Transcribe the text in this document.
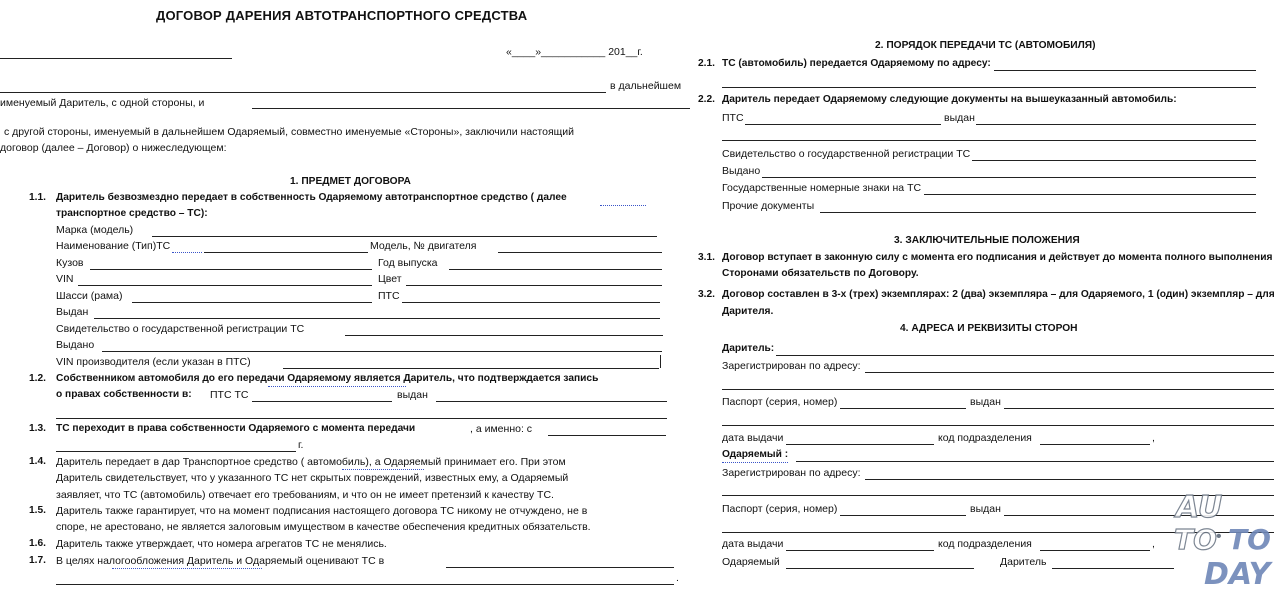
ДОГОВОР ДАРЕНИЯ АВТОТРАНСПОРТНОГО СРЕДСТВА
«____»___________ 201__г.
в дальнейшем
именуемый Даритель, с одной стороны, и
с другой стороны, именуемый в дальнейшем Одаряемый, совместно именуемые «Стороны», заключили настоящий
договор (далее – Договор) о нижеследующем:
1. ПРЕДМЕТ ДОГОВОРА
1.1. Даритель безвозмездно передает в собственность Одаряемому автотранспортное средство ( далее
транспортное средство – ТС):
Марка (модель)
Наименование (Тип)ТС	Модель, № двигателя
Кузов	Год выпуска
VIN	Цвет
Шасси (рама)	ПТС
Выдан
Свидетельство о государственной регистрации ТС
Выдано
VIN производителя (если указан в ПТС)
1.2. Собственником автомобиля до его передачи Одаряемому является Даритель, что подтверждается запись
о правах собственности в: ПТС ТС	выдан
1.3. ТС переходит в права собственности Одаряемого с момента передачи	, а именно: с
г.
1.4. Даритель передает в дар Транспортное средство ( автомобиль), а Одаряемый принимает его. При этом
Даритель свидетельствует, что у указанного ТС нет скрытых повреждений, известных ему, а Одаряемый
заявляет, что ТС (автомобиль) отвечает его требованиям, и что он не имеет претензий к качеству ТС.
1.5. Даритель также гарантирует, что на момент подписания настоящего договора ТС никому не отчуждено, не в
споре, не арестовано, не является залоговым имуществом в качестве обеспечения кредитных обязательств.
1.6. Даритель также утверждает, что номера агрегатов ТС не менялись.
1.7. В целях налогообложения Даритель и Одаряемый оценивают ТС в
.
2. ПОРЯДОК ПЕРЕДАЧИ ТС (АВТОМОБИЛЯ)
2.1. ТС (автомобиль) передается Одаряемому по адресу:
2.2. Даритель передает Одаряемому следующие документы на вышеуказанный автомобиль:
ПТС	выдан
Свидетельство о государственной регистрации ТС
Выдано
Государственные номерные знаки на ТС
Прочие документы
3. ЗАКЛЮЧИТЕЛЬНЫЕ ПОЛОЖЕНИЯ
3.1. Договор вступает в законную силу с момента его подписания и действует до момента полного выполнения
Сторонами обязательств по Договору.
3.2. Договор составлен в 3-х (трех) экземплярах: 2 (два) экземпляра – для Одаряемого, 1 (один) экземпляр – для
Дарителя.
4. АДРЕСА И РЕКВИЗИТЫ СТОРОН
Даритель:
Зарегистрирован по адресу:
Паспорт (серия, номер)	выдан
дата выдачи	код подразделения	,
Одаряемый :
Зарегистрирован по адресу:
Паспорт (серия, номер)	выдан
дата выдачи	код подразделения	,
Одаряемый	Даритель
AU
TO • TO
DAY
